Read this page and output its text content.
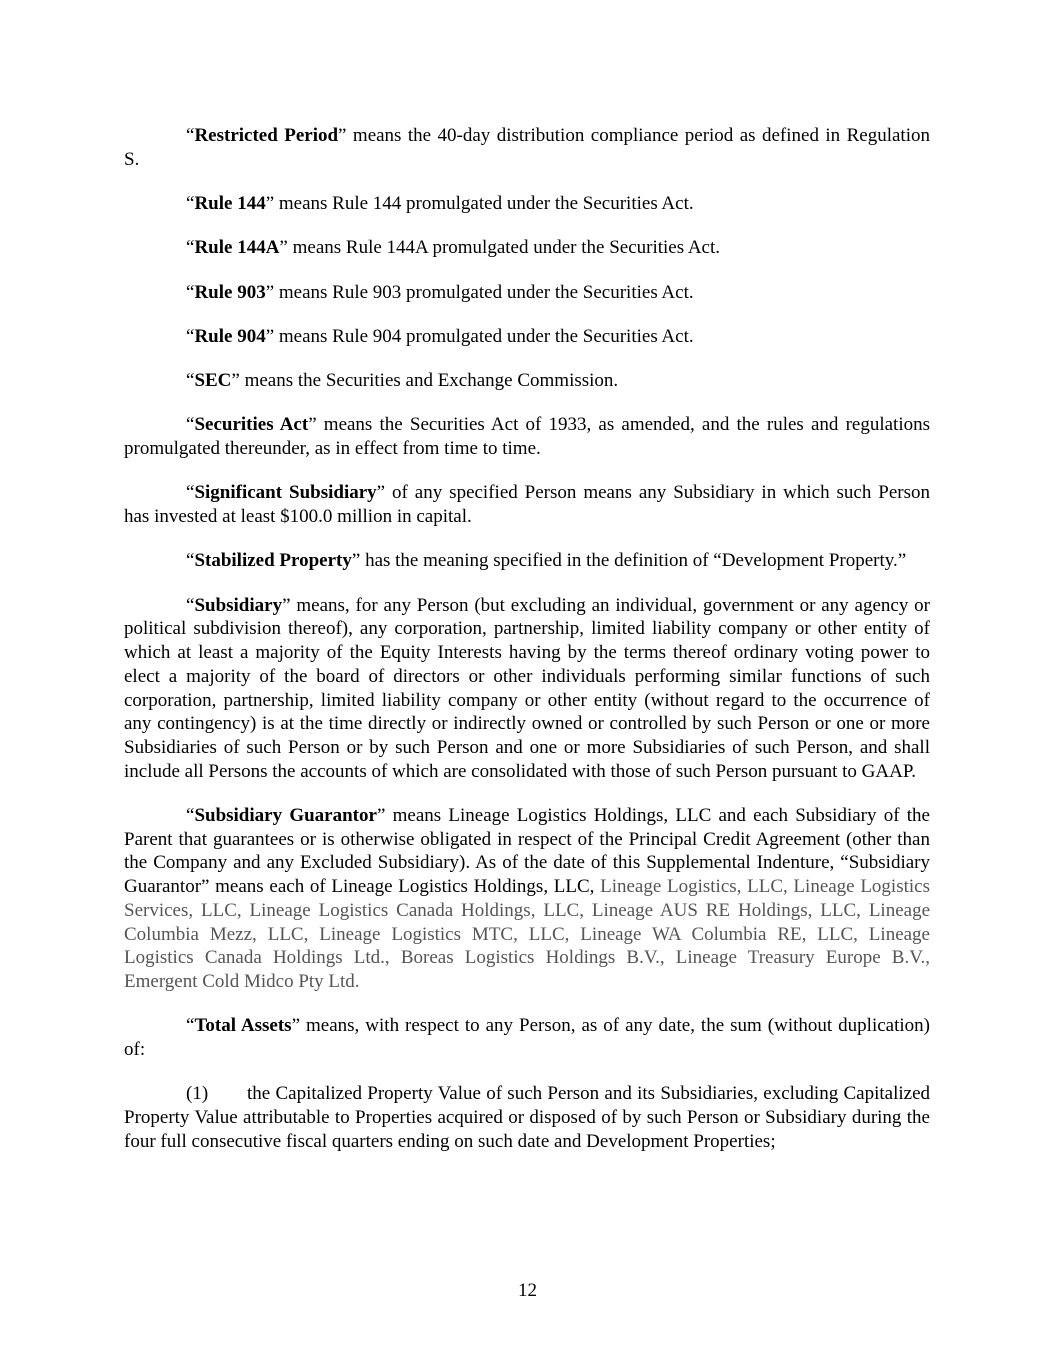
“Restricted Period” means the 40-day distribution compliance period as defined in Regulation S.

“Rule 144” means Rule 144 promulgated under the Securities Act.

“Rule 144A” means Rule 144A promulgated under the Securities Act.

“Rule 903” means Rule 903 promulgated under the Securities Act.

“Rule 904” means Rule 904 promulgated under the Securities Act.

“SEC” means the Securities and Exchange Commission.

“Securities Act” means the Securities Act of 1933, as amended, and the rules and regulations promulgated thereunder, as in effect from time to time.

“Significant Subsidiary” of any specified Person means any Subsidiary in which such Person has invested at least $100.0 million in capital.

“Stabilized Property” has the meaning specified in the definition of “Development Property.”

“Subsidiary” means, for any Person (but excluding an individual, government or any agency or political subdivision thereof), any corporation, partnership, limited liability company or other entity of which at least a majority of the Equity Interests having by the terms thereof ordinary voting power to elect a majority of the board of directors or other individuals performing similar functions of such corporation, partnership, limited liability company or other entity (without regard to the occurrence of any contingency) is at the time directly or indirectly owned or controlled by such Person or one or more Subsidiaries of such Person or by such Person and one or more Subsidiaries of such Person, and shall include all Persons the accounts of which are consolidated with those of such Person pursuant to GAAP.

“Subsidiary Guarantor” means Lineage Logistics Holdings, LLC and each Subsidiary of the Parent that guarantees or is otherwise obligated in respect of the Principal Credit Agreement (other than the Company and any Excluded Subsidiary). As of the date of this Supplemental Indenture, “Subsidiary Guarantor” means each of Lineage Logistics Holdings, LLC, Lineage Logistics, LLC, Lineage Logistics Services, LLC, Lineage Logistics Canada Holdings, LLC, Lineage AUS RE Holdings, LLC, Lineage Columbia Mezz, LLC, Lineage Logistics MTC, LLC, Lineage WA Columbia RE, LLC, Lineage Logistics Canada Holdings Ltd., Boreas Logistics Holdings B.V., Lineage Treasury Europe B.V., Emergent Cold Midco Pty Ltd.

“Total Assets” means, with respect to any Person, as of any date, the sum (without duplication) of:

(1) the Capitalized Property Value of such Person and its Subsidiaries, excluding Capitalized Property Value attributable to Properties acquired or disposed of by such Person or Subsidiary during the four full consecutive fiscal quarters ending on such date and Development Properties;

12
